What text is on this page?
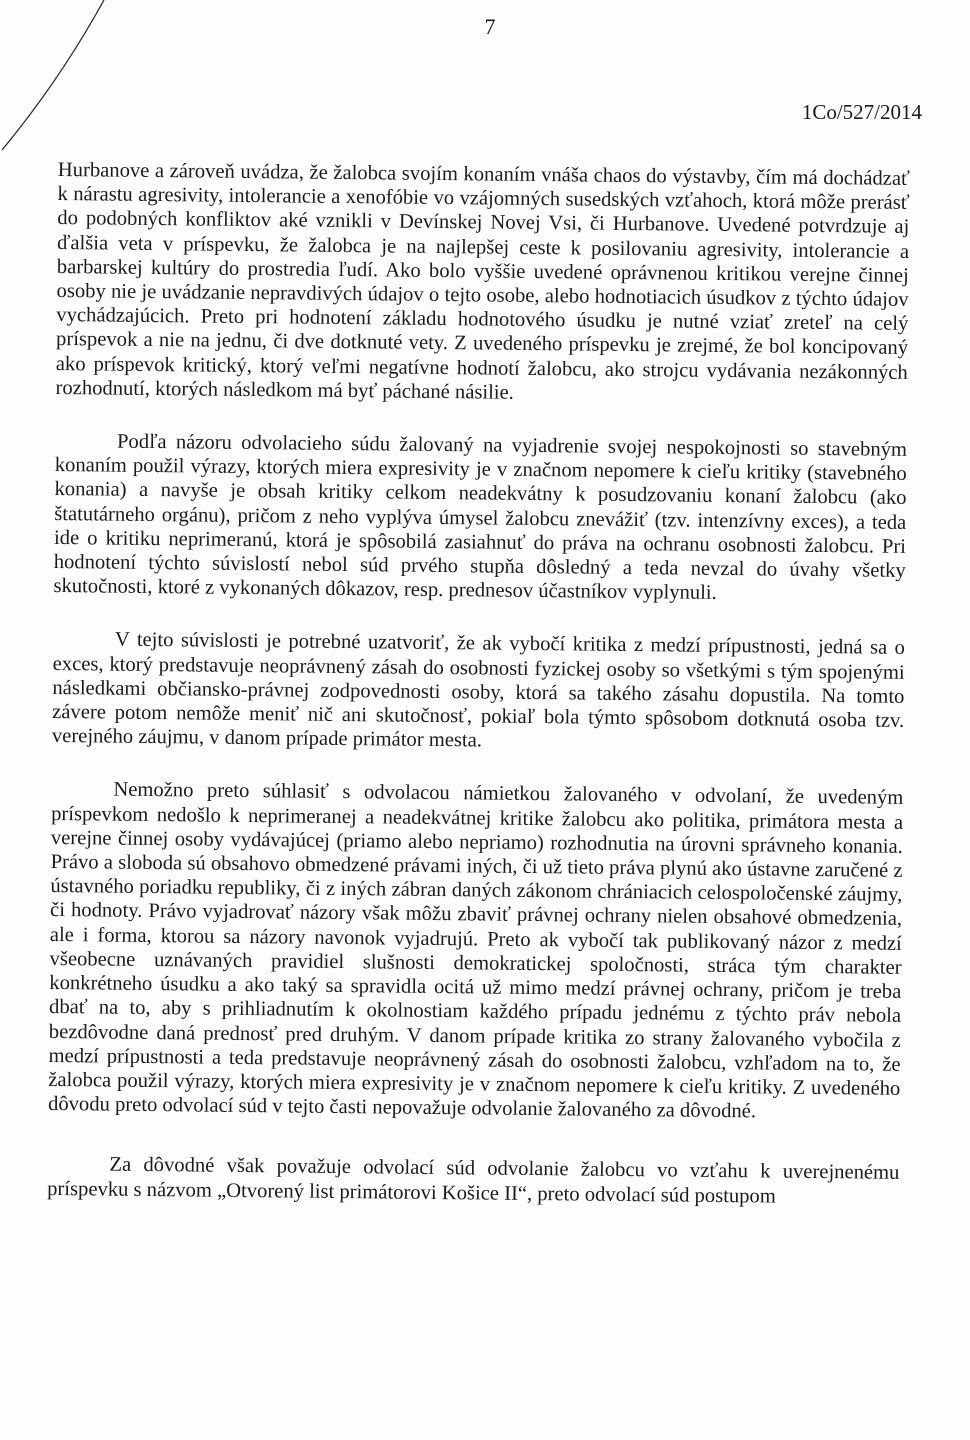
7
1Co/527/2014

Hurbanove a zároveň uvádza, že žalobca svojím konaním vnáša chaos do výstavby, čím má dochádzať k nárastu agresivity, intolerancie a xenofóbie vo vzájomných susedských vzťahoch, ktorá môže prerásť do podobných konfliktov aké vznikli v Devínskej Novej Vsi, či Hurbanove. Uvedené potvrdzuje aj ďalšia veta v príspevku, že žalobca je na najlepšej ceste k posilovaniu agresivity, intolerancie a barbarskej kultúry do prostredia ľudí. Ako bolo vyššie uvedené oprávnenou kritikou verejne činnej osoby nie je uvádzanie nepravdivých údajov o tejto osobe, alebo hodnotiacich úsudkov z týchto údajov vychádzajúcich. Preto pri hodnotení základu hodnotového úsudku je nutné vziať zreteľ na celý príspevok a nie na jednu, či dve dotknuté vety. Z uvedeného príspevku je zrejmé, že bol koncipovaný ako príspevok kritický, ktorý veľmi negatívne hodnotí žalobcu, ako strojcu vydávania nezákonných rozhodnutí, ktorých následkom má byť páchané násilie.

Podľa názoru odvolacieho súdu žalovaný na vyjadrenie svojej nespokojnosti so stavebným konaním použil výrazy, ktorých miera expresivity je v značnom nepomere k cieľu kritiky (stavebného konania) a navyše je obsah kritiky celkom neadekvátny k posudzovaniu konaní žalobcu (ako štatutárneho orgánu), pričom z neho vyplýva úmysel žalobcu znevážiť (tzv. intenzívny exces), a teda ide o kritiku neprimeranú, ktorá je spôsobilá zasiahnuť do práva na ochranu osobnosti žalobcu. Pri hodnotení týchto súvislostí nebol súd prvého stupňa dôsledný a teda nevzal do úvahy všetky skutočnosti, ktoré z vykonaných dôkazov, resp. prednesov účastníkov vyplynuli.

V tejto súvislosti je potrebné uzatvoriť, že ak vybočí kritika z medzí prípustnosti, jedná sa o exces, ktorý predstavuje neoprávnený zásah do osobnosti fyzickej osoby so všetkými s tým spojenými následkami občiansko-právnej zodpovednosti osoby, ktorá sa takého zásahu dopustila. Na tomto závere potom nemôže meniť nič ani skutočnosť, pokiaľ bola týmto spôsobom dotknutá osoba tzv. verejného záujmu, v danom prípade primátor mesta.

Nemožno preto súhlasiť s odvolacou námietkou žalovaného v odvolaní, že uvedeným príspevkom nedošlo k neprimeranej a neadekvátnej kritike žalobcu ako politika, primátora mesta a verejne činnej osoby vydávajúcej (priamo alebo nepriamo) rozhodnutia na úrovni správneho konania. Právo a sloboda sú obsahovo obmedzené právami iných, či už tieto práva plynú ako ústavne zaručené z ústavného poriadku republiky, či z iných zábran daných zákonom chrániacich celospoločenské záujmy, či hodnoty. Právo vyjadrovať názory však môžu zbaviť právnej ochrany nielen obsahové obmedzenia, ale i forma, ktorou sa názory navonok vyjadrujú. Preto ak vybočí tak publikovaný názor z medzí všeobecne uznávaných pravidiel slušnosti demokratickej spoločnosti, stráca tým charakter konkrétneho úsudku a ako taký sa spravidla ocitá už mimo medzí právnej ochrany, pričom je treba dbať na to, aby s prihliadnutím k okolnostiam každého prípadu jednému z týchto práv nebola bezdôvodne daná prednosť pred druhým. V danom prípade kritika zo strany žalovaného vybočila z medzí prípustnosti a teda predstavuje neoprávnený zásah do osobnosti žalobcu, vzhľadom na to, že žalobca použil výrazy, ktorých miera expresivity je v značnom nepomere k cieľu kritiky. Z uvedeného dôvodu preto odvolací súd v tejto časti nepovažuje odvolanie žalovaného za dôvodné.

Za dôvodné však považuje odvolací súd odvolanie žalobcu vo vzťahu k uverejnenému príspevku s názvom „Otvorený list primátorovi Košice II“, preto odvolací súd postupom
